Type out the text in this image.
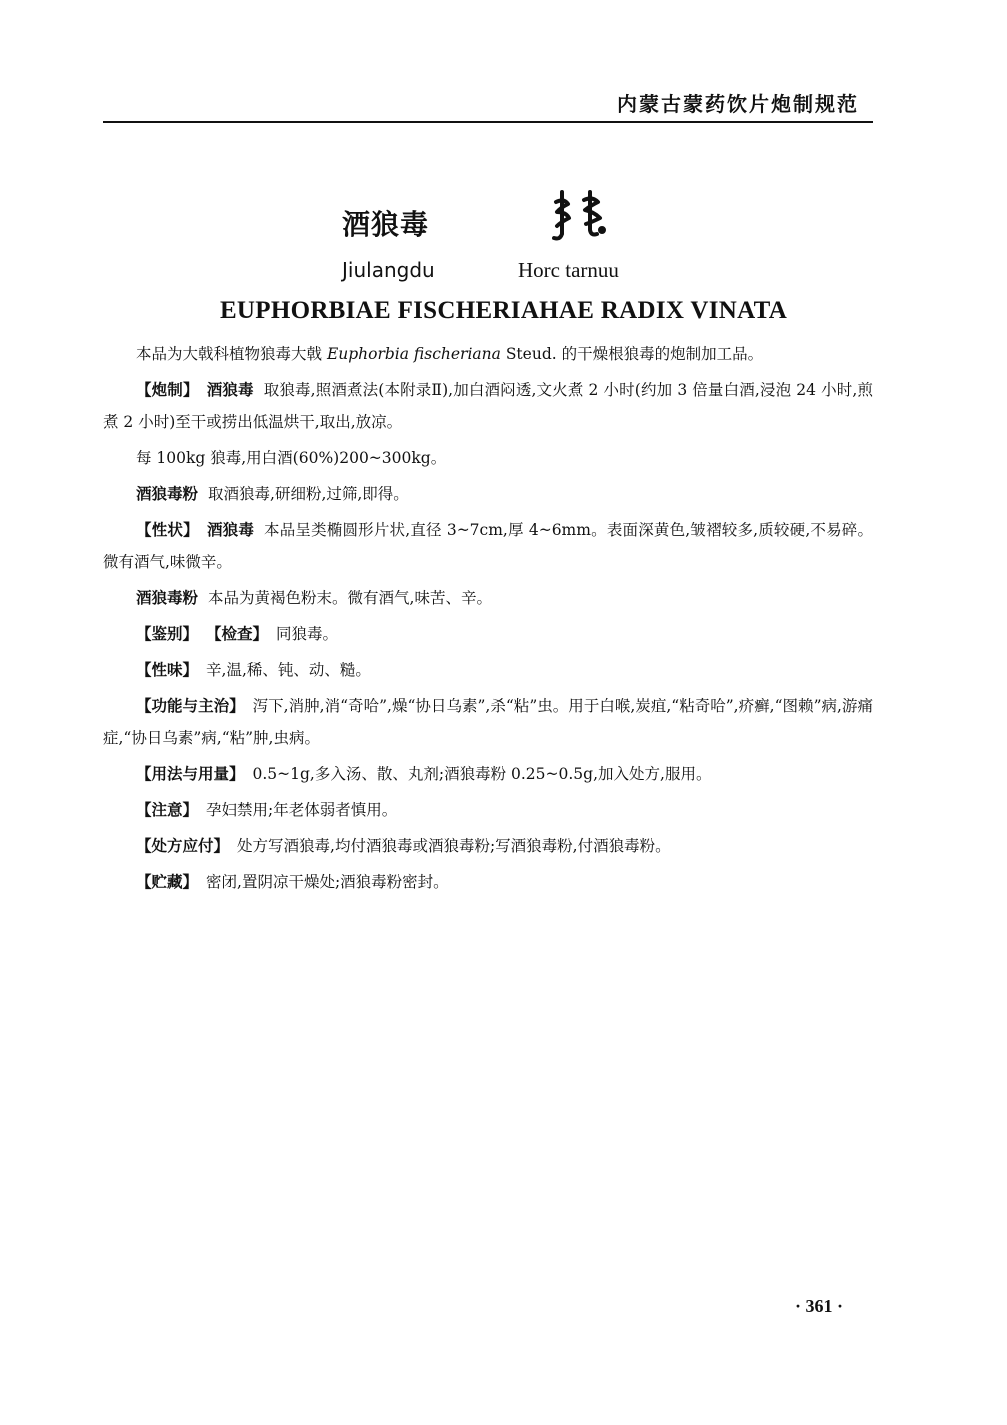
内蒙古蒙药饮片炮制规范
酒狼毒
Jiulangdu	Horc tarnuu
EUPHORBIAE FISCHERIAHAE RADIX VINATA

本品为大戟科植物狼毒大戟 Euphorbia fischeriana Steud. 的干燥根狼毒的炮制加工品。

【炮制】 酒狼毒 取狼毒,照酒煮法(本附录Ⅱ),加白酒闷透,文火煮 2 小时(约加 3 倍量白酒,浸泡 24 小时,煎煮 2 小时)至干或捞出低温烘干,取出,放凉。

每 100kg 狼毒,用白酒(60%)200~300kg。

酒狼毒粉 取酒狼毒,研细粉,过筛,即得。

【性状】 酒狼毒 本品呈类椭圆形片状,直径 3~7cm,厚 4~6mm。表面深黄色,皱褶较多,质较硬,不易碎。微有酒气,味微辛。

酒狼毒粉 本品为黄褐色粉末。微有酒气,味苦、辛。

【鉴别】 【检查】 同狼毒。

【性味】 辛,温,稀、钝、动、糙。

【功能与主治】 泻下,消肿,消“奇哈”,燥“协日乌素”,杀“粘”虫。用于白喉,炭疽,“粘奇哈”,疥癣,“图赖”病,游痛症,“协日乌素”病,“粘”肿,虫病。

【用法与用量】 0.5~1g,多入汤、散、丸剂;酒狼毒粉 0.25~0.5g,加入处方,服用。

【注意】 孕妇禁用;年老体弱者慎用。

【处方应付】 处方写酒狼毒,均付酒狼毒或酒狼毒粉;写酒狼毒粉,付酒狼毒粉。

【贮藏】 密闭,置阴凉干燥处;酒狼毒粉密封。

· 361 ·
